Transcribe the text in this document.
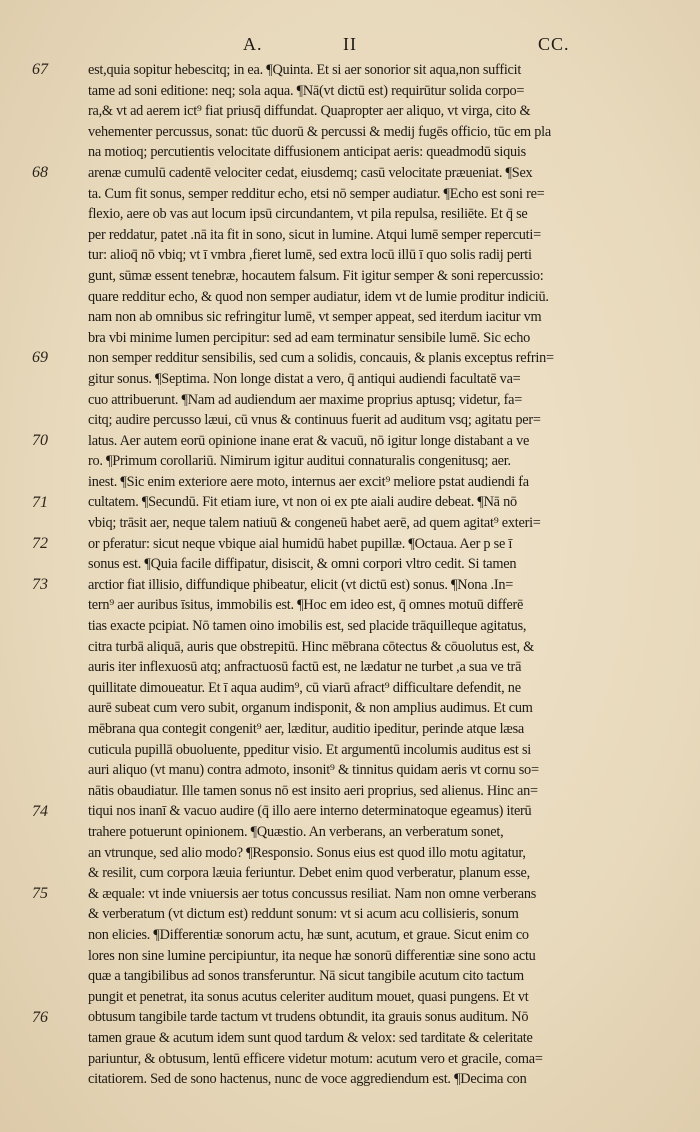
A.	II	CC.
67
68
69
70
71
72
73
74
75
76
est,quia sopitur hebescitq; in ea. ¶Quinta. Et si aer sonorior sit aqua,non sufficit
tame ad soni editione: neq; sola aqua. ¶Nā(vt dictū est) requirūtur solida corpo=
ra,& vt ad aerem ict⁹ fiat priusq̄ diffundat. Quapropter aer aliquo, vt virga, cito &
vehementer percussus, sonat: tūc duorū & percussi & medij fugēs officio, tūc em pla
na motioq; percutientis velocitate diffusionem anticipat aeris: queadmodū siquis
arenæ cumulū cadentē velociter cedat, eiusdemq; casū velocitate præueniat. ¶Sex
ta. Cum fit sonus, semper redditur echo, etsi nō semper audiatur. ¶Echo est soni re=
flexio, aere ob vas aut locum ipsū circundantem, vt pila repulsa, resiliēte. Et q̄ se
per reddatur, patet .nā ita fit in sono, sicut in lumine. Atqui lumē semper repercuti=
tur: alioq̄ nō vbiq; vt ī vmbra ,fieret lumē, sed extra locū illū ī quo solis radij perti
gunt, sūmæ essent tenebræ, hocautem falsum. Fit igitur semper & soni repercussio:
quare redditur echo, & quod non semper audiatur, idem vt de lumie proditur indiciū.
nam non ab omnibus sic refringitur lumē, vt semper appeat, sed iterdum iacitur vm
bra vbi minime lumen percipitur: sed ad eam terminatur sensibile lumē. Sic echo
non semper redditur sensibilis, sed cum a solidis, concauis, & planis exceptus refrin=
gitur sonus. ¶Septima. Non longe distat a vero, q̄ antiqui audiendi facultatē va=
cuo attribuerunt. ¶Nam ad audiendum aer maxime proprius aptusq; videtur, fa=
citq; audire percusso læui, cū vnus & continuus fuerit ad auditum vsq; agitatu per=
latus. Aer autem eorū opinione inane erat & vacuū, nō igitur longe distabant a ve
ro. ¶Primum corollariū. Nimirum igitur auditui connaturalis congenitusq; aer.
inest. ¶Sic enim exteriore aere moto, internus aer excit⁹ meliore pstat audiendi fa
cultatem. ¶Secundū. Fit etiam iure, vt non oi ex pte aiali audire debeat. ¶Nā nō
vbiq; trāsit aer, neque talem natiuū & congeneū habet aerē, ad quem agitat⁹ exteri=
or pferatur: sicut neque vbique aial humidū habet pupillæ. ¶Octaua. Aer p se ī
sonus est. ¶Quia facile diffipatur, disiscit, & omni corpori vltro cedit. Si tamen
arctior fiat illisio, diffundique phibeatur, elicit (vt dictū est) sonus. ¶Nona .In=
tern⁹ aer auribus īsitus, immobilis est. ¶Hoc em ideo est, q̄ omnes motuū differē
tias exacte pcipiat. Nō tamen oino imobilis est, sed placide trāquilleque agitatus,
citra turbā aliquā, auris que obstrepitū. Hinc mēbrana cōtectus & cōuolutus est, &
auris iter inflexuosū atq; anfractuosū factū est, ne lædatur ne turbet ,a sua ve trā
quillitate dimoueatur. Et ī aqua audim⁹, cū viarū afract⁹ difficultare defendit, ne
aurē subeat cum vero subit, organum indisponit, & non amplius audimus. Et cum
mēbrana qua contegit congenit⁹ aer, læditur, auditio ipeditur, perinde atque læsa
cuticula pupillā obuoluente, ppeditur visio. Et argumentū incolumis auditus est si
auri aliquo (vt manu) contra admoto, insonit⁹ & tinnitus quidam aeris vt cornu so=
nātis obaudiatur. Ille tamen sonus nō est insito aeri proprius, sed alienus. Hinc an=
tiqui nos inanī & vacuo audire (q̄ illo aere interno determinatoque egeamus) iterū
trahere potuerunt opinionem. ¶Quæstio. An verberans, an verberatum sonet,
an vtrunque, sed alio modo? ¶Responsio. Sonus eius est quod illo motu agitatur,
& resilit, cum corpora læuia feriuntur. Debet enim quod verberatur, planum esse,
& æquale: vt inde vniuersis aer totus concussus resiliat. Nam non omne verberans
& verberatum (vt dictum est) reddunt sonum: vt si acum acu collisieris, sonum
non elicies. ¶Differentiæ sonorum actu, hæ sunt, acutum, et graue. Sicut enim co
lores non sine lumine percipiuntur, ita neque hæ sonorū differentiæ sine sono actu
quæ a tangibilibus ad sonos transferuntur. Nā sicut tangibile acutum cito tactum
pungit et penetrat, ita sonus acutus celeriter auditum mouet, quasi pungens. Et vt
obtusum tangibile tarde tactum vt trudens obtundit, ita grauis sonus auditum. Nō
tamen graue & acutum idem sunt quod tardum & velox: sed tarditate & celeritate
pariuntur, & obtusum, lentū efficere videtur motum: acutum vero et gracile, coma=
citatiorem. Sed de sono hactenus, nunc de voce aggrediendum est. ¶Decima con
